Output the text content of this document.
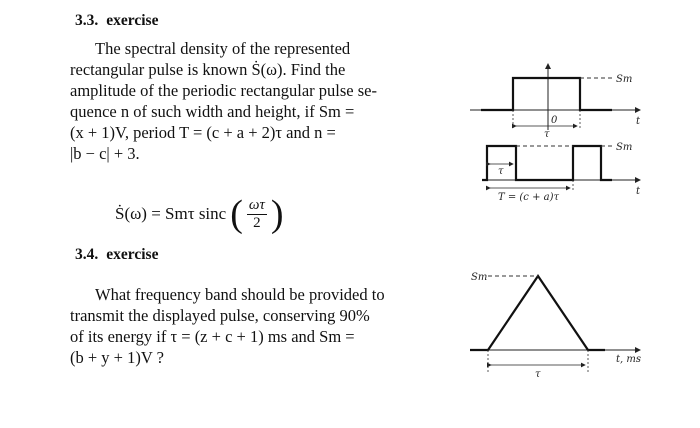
3.3. exercise
The spectral density of the represented
rectangular pulse is known Ṡ(ω). Find the
amplitude of the periodic rectangular pulse se-
quence n of such width and height, if Sm =
(x + 1)V, period T = (c + a + 2)τ and n =
|b − c| + 3.
Ṡ(ω) = Smτ sinc ( $\frac{\omega\tau}{2}$ )
3.4. exercise
What frequency band should be provided to
transmit the displayed pulse, conserving 90%
of its energy if τ = (z + c + 1) ms and Sm =
(b + y + 1)V ?
Sm
0
τ
t
Sm
τ
t
T = (c + a)τ
Sm
τ
t, ms
